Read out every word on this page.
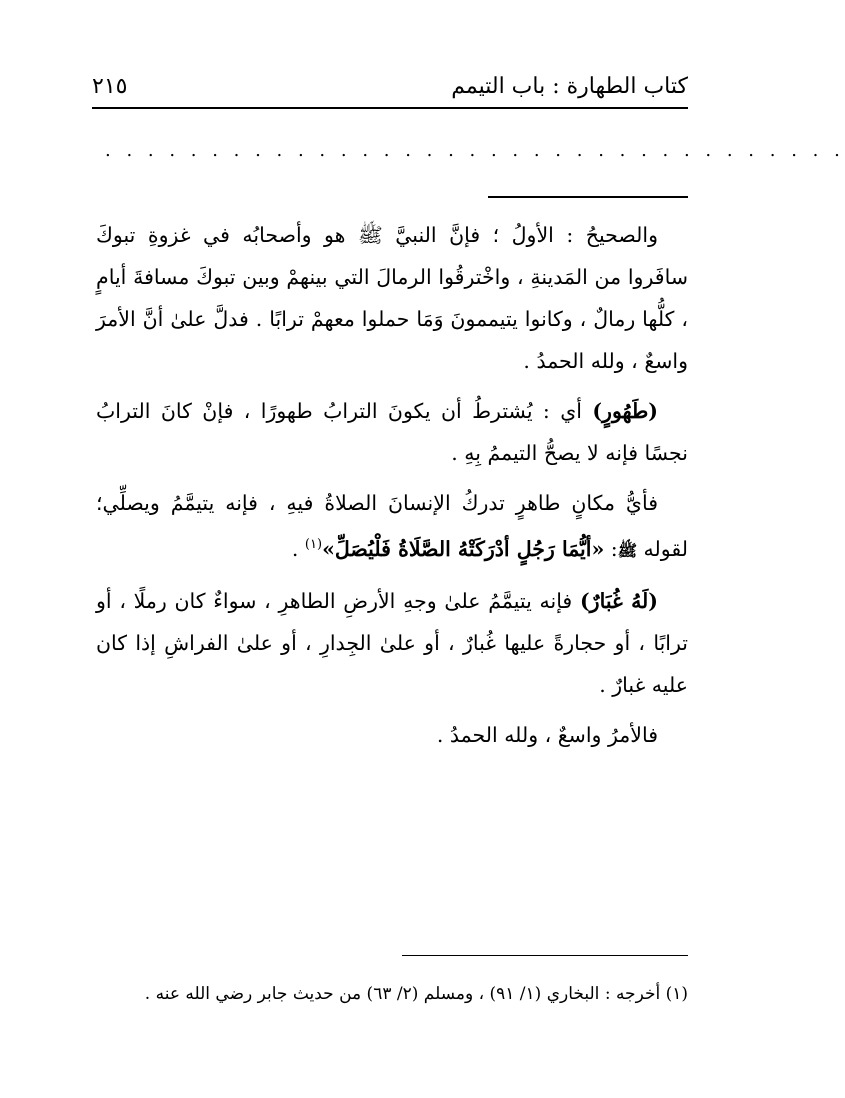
كتاب الطهارة : باب التيمم
٢١٥
. . . . . . . . . . . . . . . . . . . . . . . . . . . . . . . . . . .

والصحيحُ : الأولُ ؛ فإنَّ النبيَّ ﷺ هو وأصحابُه في غزوةِ تبوكَ سافَروا من المَدينةِ ، واخْترقُوا الرمالَ التي بينهمْ وبين تبوكَ مسافةَ أيامٍ ، كلُّها رمالٌ ، وكانوا يتيممونَ وَمَا حملوا معهمْ ترابًا . فدلَّ علىٰ أنَّ الأمرَ واسعٌ ، ولله الحمدُ .

(طَهُورٍ) أي : يُشترطُ أن يكونَ الترابُ طهورًا ، فإنْ كانَ الترابُ نجسًا فإنه لا يصحُّ التيممُ بِهِ .

فأيُّ مكانٍ طاهرٍ تدركُ الإنسانَ الصلاةُ فيهِ ، فإنه يتيمَّمُ ويصلِّي؛ لقوله ﷺ: «أيُّمَا رَجُلٍ أدْرَكَتْهُ الصَّلَاةُ فَلْيُصَلِّ»$^{(١)}$ .

(لَهُ غُبَارٌ) فإنه يتيمَّمُ علىٰ وجهِ الأرضِ الطاهرِ ، سواءٌ كان رملًا ، أو ترابًا ، أو حجارةً عليها غُبارٌ ، أو علىٰ الجِدارِ ، أو علىٰ الفراشِ إذا كان عليه غبارٌ .

فالأمرُ واسعٌ ، ولله الحمدُ .

(١) أخرجه : البخاري (١/ ٩١) ، ومسلم (٢/ ٦٣) من حديث جابر رضي الله عنه .
